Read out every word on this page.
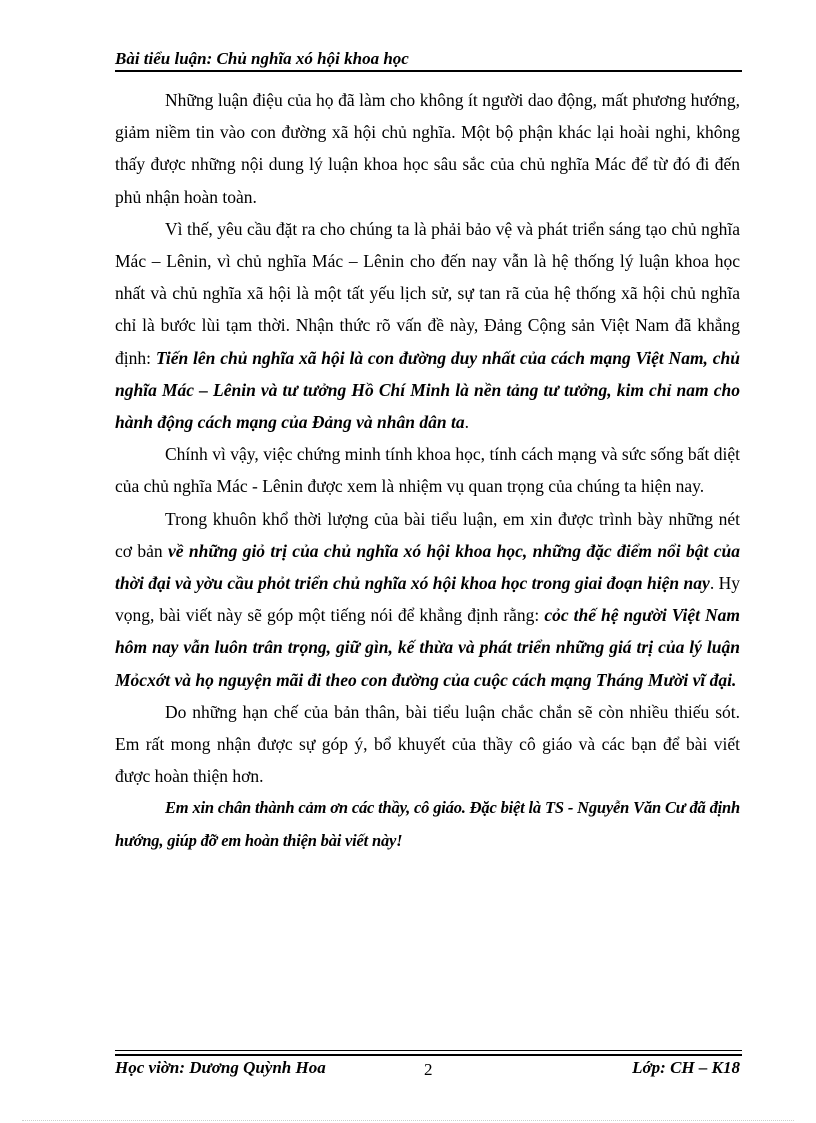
Bài tiểu luận: Chủ nghĩa xó hội khoa học

Những luận điệu của họ đã làm cho không ít người dao động, mất phương hướng, giảm niềm tin vào con đường xã hội chủ nghĩa. Một bộ phận khác lại hoài nghi, không thấy được những nội dung lý luận khoa học sâu sắc của chủ nghĩa Mác để từ đó đi đến phủ nhận hoàn toàn.

Vì thế, yêu cầu đặt ra cho chúng ta là phải bảo vệ và phát triển sáng tạo chủ nghĩa Mác – Lênin, vì chủ nghĩa Mác – Lênin cho đến nay vẫn là hệ thống lý luận khoa học nhất và chủ nghĩa xã hội là một tất yếu lịch sử, sự tan rã của hệ thống xã hội chủ nghĩa chỉ là bước lùi tạm thời. Nhận thức rõ vấn đề này, Đảng Cộng sản Việt Nam đã khẳng định: Tiến lên chủ nghĩa xã hội là con đường duy nhất của cách mạng Việt Nam, chủ nghĩa Mác – Lênin và tư tưởng Hồ Chí Minh là nền tảng tư tưởng, kim chỉ nam cho hành động cách mạng của Đảng và nhân dân ta.

Chính vì vậy, việc chứng minh tính khoa học, tính cách mạng và sức sống bất diệt của chủ nghĩa Mác - Lênin được xem là nhiệm vụ quan trọng của chúng ta hiện nay.

Trong khuôn khổ thời lượng của bài tiểu luận, em xin được trình bày những nét cơ bản về những giỏ trị của chủ nghĩa xó hội khoa học, những đặc điểm nổi bật của thời đại và yờu cầu phỏt triển chủ nghĩa xó hội khoa học trong giai đoạn hiện nay. Hy vọng, bài viết này sẽ góp một tiếng nói để khẳng định rằng: cỏc thế hệ người Việt Nam hôm nay vẫn luôn trân trọng, giữ gìn, kế thừa và phát triển những giá trị của lý luận Mỏcxớt và họ nguyện mãi đi theo con đường của cuộc cách mạng Tháng Mười vĩ đại.

Do những hạn chế của bản thân, bài tiểu luận chắc chắn sẽ còn nhiều thiếu sót. Em rất mong nhận được sự góp ý, bổ khuyết của thầy cô giáo và các bạn để bài viết được hoàn thiện hơn.

Em xin chân thành cảm ơn các thầy, cô giáo. Đặc biệt là TS - Nguyễn Văn Cư đã định hướng, giúp đỡ em hoàn thiện bài viết này!

Học viờn: Dương Quỳnh Hoa	2	Lớp: CH – K18
